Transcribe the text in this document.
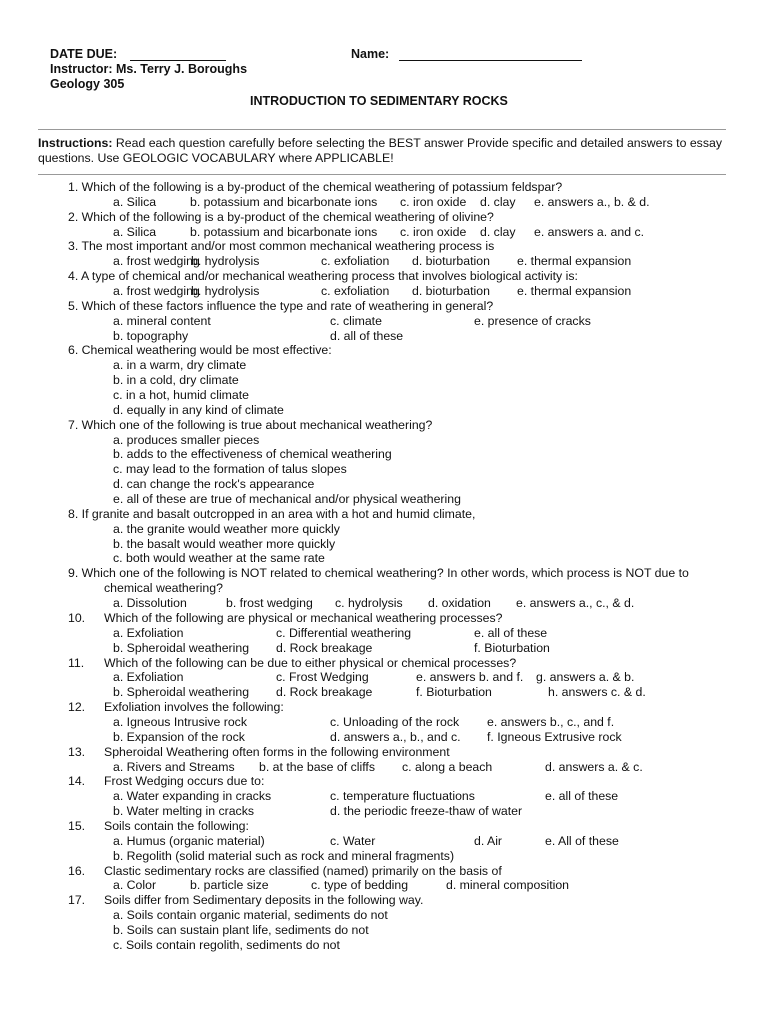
DATE DUE:	Name:
Instructor: Ms. Terry J. Boroughs
Geology 305
INTRODUCTION TO SEDIMENTARY ROCKS
Instructions: Read each question carefully before selecting the BEST answer Provide specific and detailed answers to essay questions. Use GEOLOGIC VOCABULARY where APPLICABLE!
1. Which of the following is a by-product of the chemical weathering of potassium feldspar?
a. Silica	b. potassium and bicarbonate ions c. iron oxide d. clay e. answers a., b. & d.
2. Which of the following is a by-product of the chemical weathering of olivine?
a. Silica	b. potassium and bicarbonate ions c. iron oxide d. clay e. answers a. and c.
3. The most important and/or most common mechanical weathering process is
a. frost wedging
b. hydrolysis	c. exfoliation d. bioturbation e. thermal expansion
4. A type of chemical and/or mechanical weathering process that involves biological activity is:
a. frost wedging
b. hydrolysis	c. exfoliation d. bioturbation e. thermal expansion
5. Which of these factors influence the type and rate of weathering in general?
a. mineral content	c. climate	e. presence of cracks
b. topography	d. all of these
6. Chemical weathering would be most effective:
a. in a warm, dry climate
b. in a cold, dry climate
c. in a hot, humid climate
d. equally in any kind of climate
7. Which one of the following is true about mechanical weathering?
a. produces smaller pieces
b. adds to the effectiveness of chemical weathering
c. may lead to the formation of talus slopes
d. can change the rock's appearance
e. all of these are true of mechanical and/or physical weathering
8. If granite and basalt outcropped in an area with a hot and humid climate,
a. the granite would weather more quickly
b. the basalt would weather more quickly
c. both would weather at the same rate
9. Which one of the following is NOT related to chemical weathering? In other words, which process is NOT due to
chemical weathering?
a. Dissolution	b. frost wedging c. hydrolysis d. oxidation e. answers a., c., & d.
10. Which of the following are physical or mechanical weathering processes?
a. Exfoliation	c. Differential weathering	e. all of these
b. Spheroidal weathering d. Rock breakage	f. Bioturbation
11. Which of the following can be due to either physical or chemical processes?
a. Exfoliation	c. Frost Wedging	e. answers b. and f. g. answers a. & b.
b. Spheroidal weathering d. Rock breakage	f. Bioturbation	h. answers c. & d.
12. Exfoliation involves the following:
a. Igneous Intrusive rock	c. Unloading of the rock e. answers b., c., and f.
b. Expansion of the rock	d. answers a., b., and c. f. Igneous Extrusive rock
13. Spheroidal Weathering often forms in the following environment
a. Rivers and Streams b. at the base of cliffs c. along a beach	d. answers a. & c.
14. Frost Wedging occurs due to:
a. Water expanding in cracks	c. temperature fluctuations	e. all of these
b. Water melting in cracks	d. the periodic freeze-thaw of water
15. Soils contain the following:
a. Humus (organic material)	c. Water	d. Air	e. All of these
b. Regolith (solid material such as rock and mineral fragments)
16. Clastic sedimentary rocks are classified (named) primarily on the basis of
a. Color	b. particle size	c. type of bedding	d. mineral composition
17. Soils differ from Sedimentary deposits in the following way.
a. Soils contain organic material, sediments do not
b. Soils can sustain plant life, sediments do not
c. Soils contain regolith, sediments do not
